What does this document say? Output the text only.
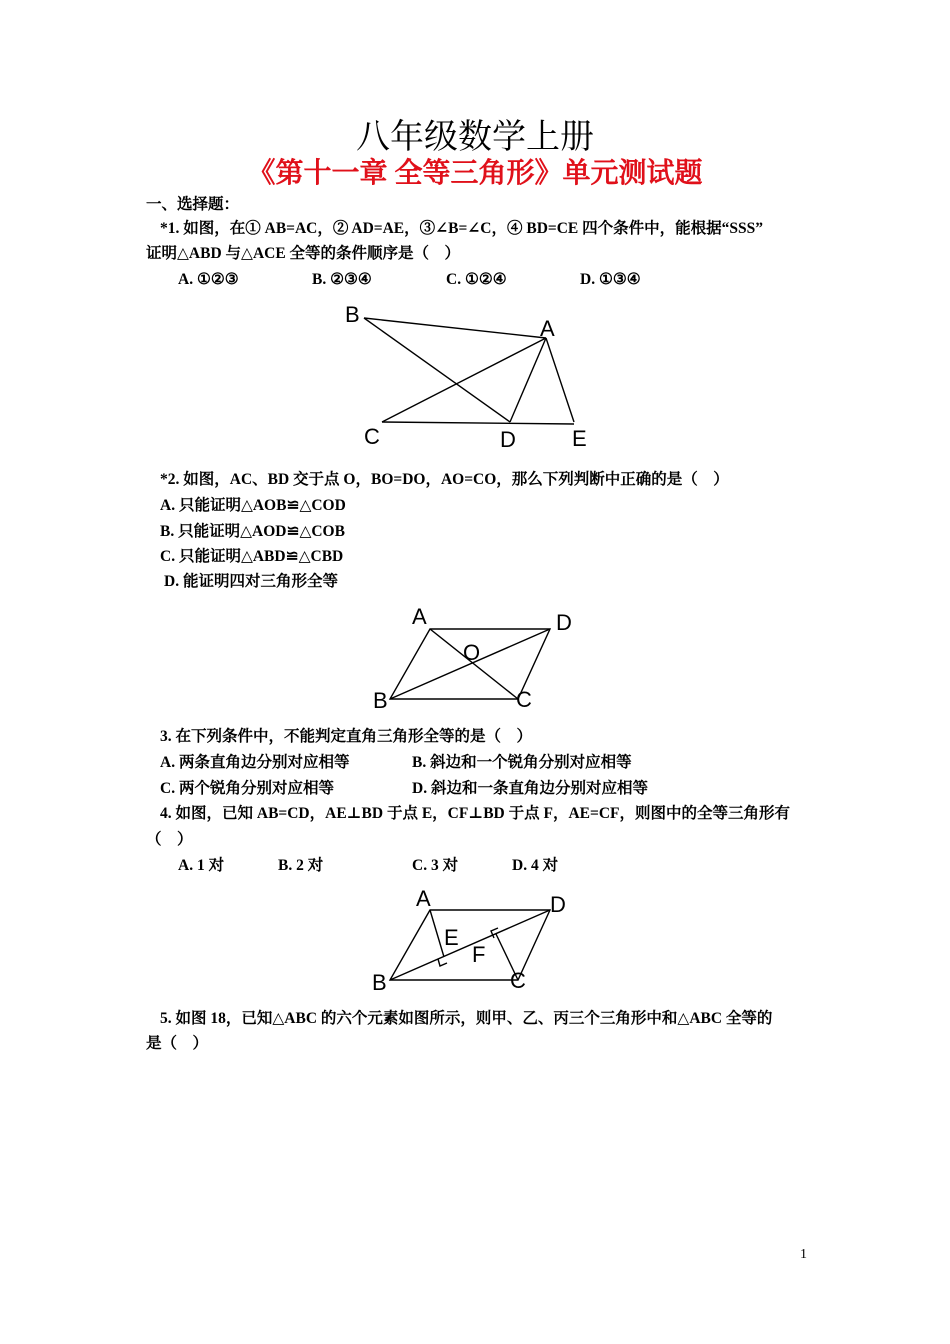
八年级数学上册
《第十一章 全等三角形》单元测试题
一、选择题：
*1. 如图，在① AB=AC，② AD=AE，③∠B=∠C，④ BD=CE 四个条件中，能根据“SSS”
证明△ABD 与△ACE 全等的条件顺序是（　）
A. ①②③	B. ②③④	C. ①②④	D. ①③④
B
A
C	D	E
*2. 如图，AC、BD 交于点 O，BO=DO，AO=CO，那么下列判断中正确的是（　）
A. 只能证明△AOB≌△COD
B. 只能证明△AOD≌△COB
C. 只能证明△ABD≌△CBD
D. 能证明四对三角形全等
A	D
O
B	C
3. 在下列条件中，不能判定直角三角形全等的是（　）
A. 两条直角边分别对应相等	B. 斜边和一个锐角分别对应相等
C. 两个锐角分别对应相等	D. 斜边和一条直角边分别对应相等
4. 如图，已知 AB=CD，AE⊥BD 于点 E，CF⊥BD 于点 F，AE=CF，则图中的全等三角形有
（　）
A. 1 对	B. 2 对	C. 3 对	D. 4 对
A	D
E
F
B	C
5. 如图 18，已知△ABC 的六个元素如图所示，则甲、乙、丙三个三角形中和△ABC 全等的
是（　）
1
